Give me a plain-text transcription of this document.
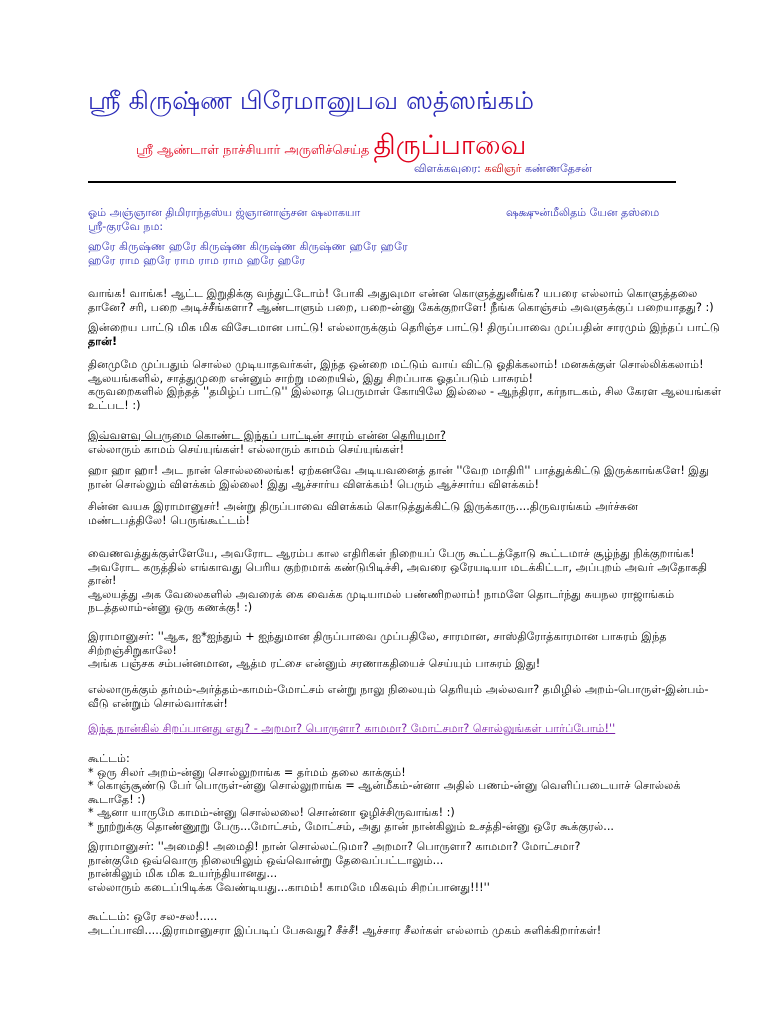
ஸ்ரீ கிருஷ்ண பிரேமானுபவ ஸத்ஸங்கம்
ஸ்ரீ ஆண்டாள் நாச்சியார் அருளிச்செய்த திருப்பாவை
விளக்கவுரை: கவிஞர் கண்ணதேசன்
ஓம் அஞ்ஞான திமிராந்தஸ்ய ஜ்ஞானாஞ்சன ஷலாகயா
ஸ்ரீ-குரவே நம:
ஷக்ஷுன்மீலிதம் யேன தஸ்மை
ஹரே கிருஷ்ண ஹரே கிருஷ்ண கிருஷ்ண கிருஷ்ண ஹரே ஹரே
ஹரே ராம ஹரே ராம ராம ராம ஹரே ஹரே
வாங்க! வாங்க! ஆட்ட இறுதிக்கு வந்துட்டோம்! போகி அதுவுமா என்ன கொளுத்துனீங்க? யபரை எல்லாம் கொளுத்தலை
தானே? சரி, பறை அடிச்சீங்களா? ஆண்டாளும் பறை, பறை-ன்னு கேக்குறாளே! நீங்க கொஞ்சம் அவளுக்குப் பறையாதது? :)
இன்றைய பாட்டு மிக மிக விசேடமான பாட்டு! எல்லாருக்கும் தெரிஞ்ச பாட்டு! திருப்பாவை முப்பதின் சாரமும் இந்தப் பாட்டு
தான்!
தினமுமே முப்பதும் சொல்ல முடியாதவர்கள், இந்த ஒன்றை மட்டும் வாய் விட்டு ஓதிக்கலாம்! மனசுக்குள் சொல்லிக்கலாம்!
ஆலயங்களில், சாத்துமுறை என்னும் சாற்று மறையில், இது சிறப்பாக ஓதப்படும் பாசுரம்!
கருவறைகளில் இந்தத் ''தமிழ்ப் பாட்டு'' இல்லாத பெருமாள் கோயிலே இல்லை - ஆந்திரா, கர்நாடகம், சில கேரள ஆலயங்கள்
உட்பட! :)
இவ்வளவு பெருமை கொண்ட இந்தப் பாட்டின் சாரம் என்ன தெரியுமா?
எல்லாரும் காமம் செய்யுங்கள்! எல்லாரும் காமம் செய்யுங்கள்!
ஹா ஹா ஹா! அட நான் சொல்லலைங்க! ஏற்கனவே அடியவனைத் தான் ''வேற மாதிரி'' பாத்துக்கிட்டு இருக்காங்களே! இது
நான் சொல்லும் விளக்கம் இல்லை! இது ஆச்சார்ய விளக்கம்! பெரும் ஆச்சார்ய விளக்கம்!
சின்ன வயசு இராமானுசர்! அன்று திருப்பாவை விளக்கம் கொடுத்துக்கிட்டு இருக்காரு....திருவரங்கம் அர்ச்சுன
மண்டபத்திலே! பெருங்கூட்டம்!
வைணவத்துக்குள்ளேயே, அவரோட ஆரம்ப கால எதிரிகள் நிறையப் பேரு கூட்டத்தோடு கூட்டமாச் சூழ்ந்து நிக்குறாங்க!
அவரோட கருத்தில் எங்காவது பெரிய குற்றமாக் கண்டுபிடிச்சி, அவரை ஒரேயடியா மடக்கிட்டா, அப்புறம் அவர் அதோகதி
தான்!
ஆலயத்து அக வேலைகளில் அவரைக் கை வைக்க முடியாமல் பண்ணிறலாம்! நாமளே தொடர்ந்து சுயநல ராஜாங்கம்
நடத்தலாம்-ன்னு ஒரு கணக்கு! :)
இராமானுசர்: ''ஆக, ஐ*ஐந்தும் + ஐந்துமான திருப்பாவை முப்பதிலே, சாரமான, சாஸ்திரோத்காரமான பாசுரம் இந்த
சிற்றஞ்சிறுகாலே!
அங்க பஞ்சக சம்பன்னமான, ஆத்ம ரட்சை என்னும் சரணாகதியைச் செய்யும் பாசுரம் இது!
எல்லாருக்கும் தர்மம்-அர்த்தம்-காமம்-மோட்சம் என்று நாலு நிலையும் தெரியும் அல்லவா? தமிழில் அறம்-பொருள்-இன்பம்-
வீடு என்றும் சொல்வார்கள்!
இந்த நான்கில் சிறப்பானது எது? - அறமா? பொருளா? காமமா? மோட்சமா? சொல்லுங்கள் பார்ப்போம்!''
கூட்டம்:
* ஒரு சிலர் அறம்-ன்னு சொல்லுறாங்க = தர்மம் தலை காக்கும்!
* கொஞ்சூண்டு பேர் பொருள்-ன்னு சொல்லுறாங்க = ஆன்மீகம்-ன்னா அதில் பணம்-ன்னு வெளிப்படையாச் சொல்லக்
கூடாதே! :)
* ஆனா யாருமே காமம்-ன்னு சொல்லலை! சொன்னா ஓழிச்சிருவாங்க! :)
* நூற்றுக்கு தொண்ணூறு பேரு...மோட்சம், மோட்சம், அது தான் நான்கிலும் உசத்தி-ன்னு ஒரே கூக்குரல்...
இராமானுசர்: ''அமைதி! அமைதி! நான் சொல்லட்டுமா? அறமா? பொருளா? காமமா? மோட்சமா?
நான்குமே ஒவ்வொரு நிலையிலும் ஒவ்வொன்று தேவைப்பட்டாலும்...
நான்கிலும் மிக மிக உயர்ந்தியானது...
எல்லாரும் கடைப்பிடிக்க வேண்டியது...காமம்! காமமே மிகவும் சிறப்பானது!!!''
கூட்டம்: ஒரே சல-சல!.....
அடப்பாவி.....இராமானுசரா இப்படிப் பேசுவது? சீச்சீ! ஆச்சார சீலர்கள் எல்லாம் முகம் சுளிக்கிறார்கள்!
